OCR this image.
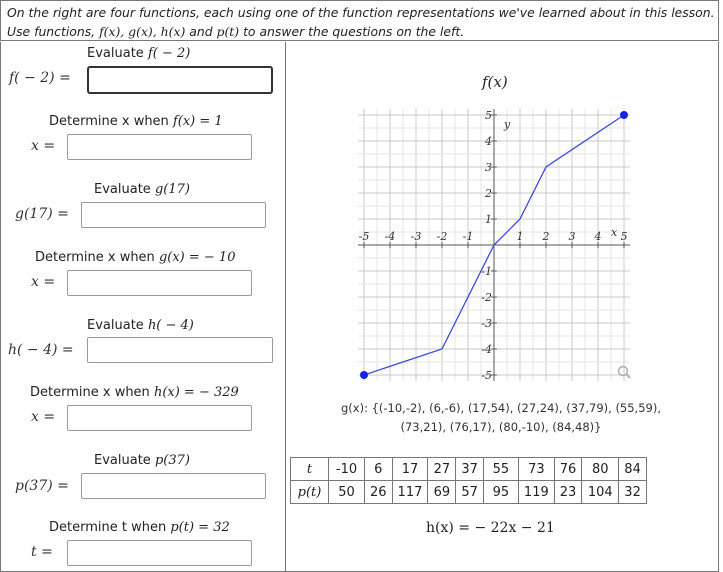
On the right are four functions, each using one of the function representations we've learned about in this lesson.
Use functions, f(x), g(x), h(x) and p(t) to answer the questions on the left.
Evaluate f( − 2)
f( − 2) =
Determine x when f(x) = 1
x =
Evaluate g(17)
g(17) =
Determine x when g(x) = − 10
x =
Evaluate h( − 4)
h( − 4) =
Determine x when h(x) = − 329
x =
Evaluate p(37)
p(37) =
Determine t when p(t) = 32
t =
f(x)
-5 -4 -3 -2 -1	1 2 3 4 5
5
4
3
2
1
-1
-2
-3
-4
-5
x
y
g(x): {(-10,-2), (6,-6), (17,54), (27,24), (37,79), (55,59),
(73,21), (76,17), (80,-10), (84,48)}
t	-10	6	17	27	37	55	73	76	80	84
p(t)	50	26	117	69	57	95	119	23	104	32
h(x) = − 22x − 21
